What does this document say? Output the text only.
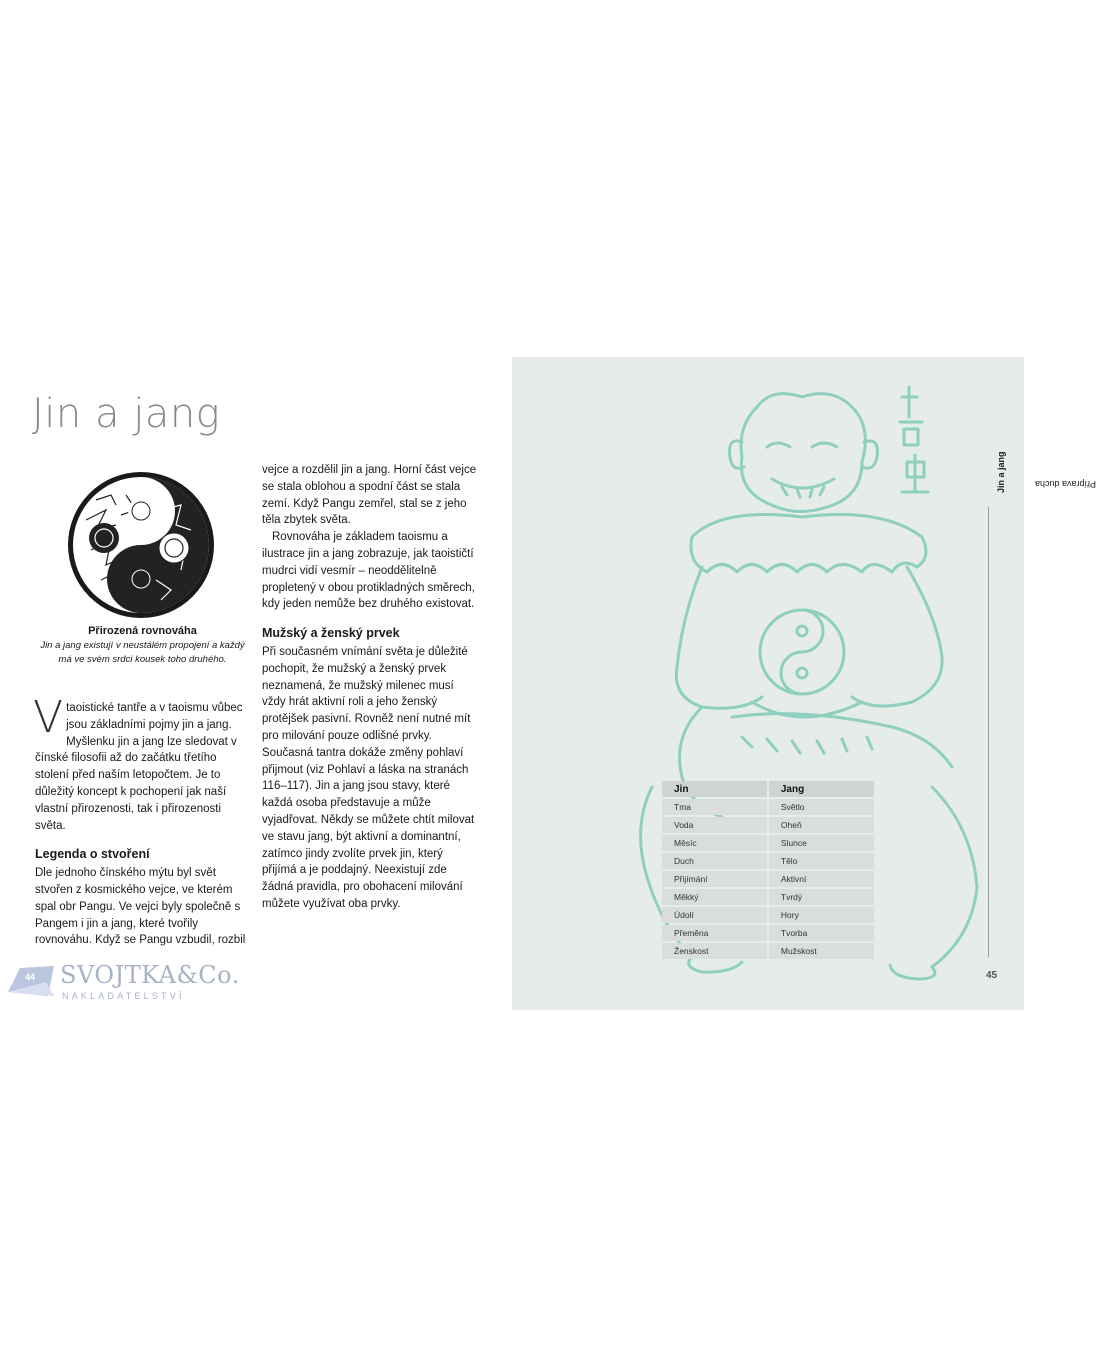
Jin a jang
Přirozená rovnováha
Jin a jang existují v neustálém propojení a každý má ve svém srdci kousek toho druhého.

Vtaoistické tantře a v taoismu vůbec jsou základními pojmy jin a jang. Myšlenku jin a jang lze sledovat v čínské filosofii až do začátku třetího stolení před naším letopočtem. Je to důležitý koncept k pochopení jak naší vlastní přirozenosti, tak i přirozenosti světa.

Legenda o stvoření

Dle jednoho čínského mýtu byl svět stvořen z kosmického vejce, ve kterém spal obr Pangu. Ve vejci byly společně s Pangem i jin a jang, které tvořily rovnováhu. Když se Pangu vzbudil, rozbil

vejce a rozdělil jin a jang. Horní část vejce se stala oblohou a spodní část se stala zemí. Když Pangu zemřel, stal se z jeho těla zbytek světa.

Rovnováha je základem taoismu a ilustrace jin a jang zobrazuje, jak taoističtí mudrci vidí vesmír – neoddělitelně propletený v obou protikladných směrech, kdy jeden nemůže bez druhého existovat.

Mužský a ženský prvek

Při současném vnímání světa je důležité pochopit, že mužský a ženský prvek neznamená, že mužský milenec musí vždy hrát aktivní roli a jeho ženský protějšek pasivní. Rovněž není nutné mít pro milování pouze odlišné prvky. Současná tantra dokáže změny pohlaví přijmout (viz Pohlaví a láska na stranách 116–117). Jin a jang jsou stavy, které každá osoba představuje a může vyjadřovat. Někdy se můžete chtít milovat ve stavu jang, být aktivní a dominantní, zatímco jindy zvolíte prvek jin, který přijímá a je poddajný. Neexistují zde žádná pravidla, pro obohacení milování můžete využívat oba prvky.

44 SVOJTKA&Co.
NAKLADATELSTVÍ
Příprava ducha
Jin a jang
45
Jin	Jang
Tma	Světlo
Voda	Oheň
Měsíc	Slunce
Duch	Tělo
Přijímání	Aktivní
Měkký	Tvrdý
Údolí	Hory
Přeměna	Tvorba
Ženskost	Mužskost
